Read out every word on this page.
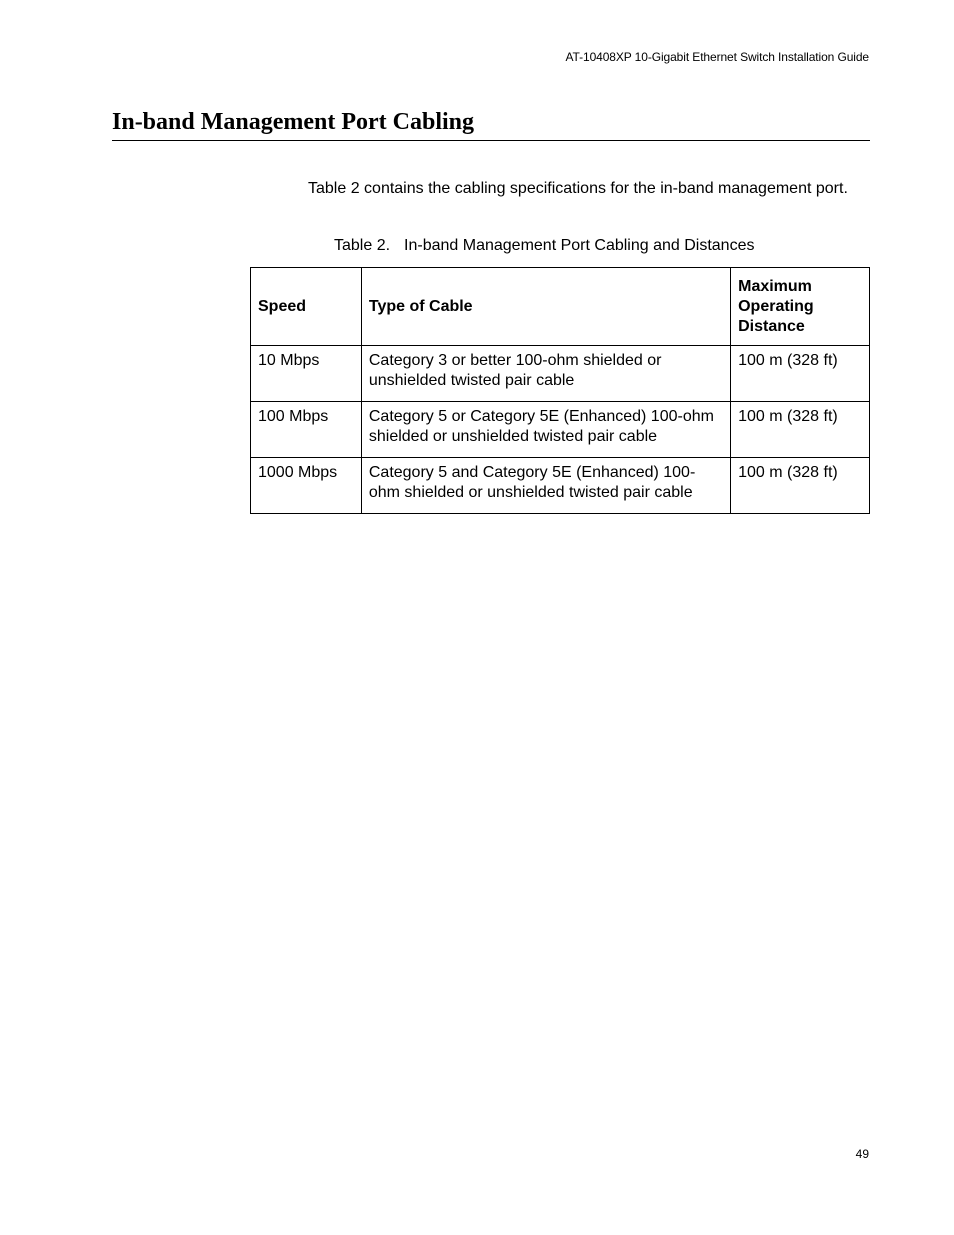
AT-10408XP 10-Gigabit Ethernet Switch Installation Guide
In-band Management Port Cabling

Table 2 contains the cabling specifications for the in-band management port.

Table 2. In-band Management Port Cabling and Distances
Speed	Type of Cable	Maximum Operating Distance
10 Mbps	Category 3 or better 100-ohm shielded or unshielded twisted pair cable	100 m (328 ft)
100 Mbps	Category 5 or Category 5E (Enhanced) 100-ohm shielded or unshielded twisted pair cable	100 m (328 ft)
1000 Mbps	Category 5 and Category 5E (Enhanced) 100-ohm shielded or unshielded twisted pair cable	100 m (328 ft)
49
